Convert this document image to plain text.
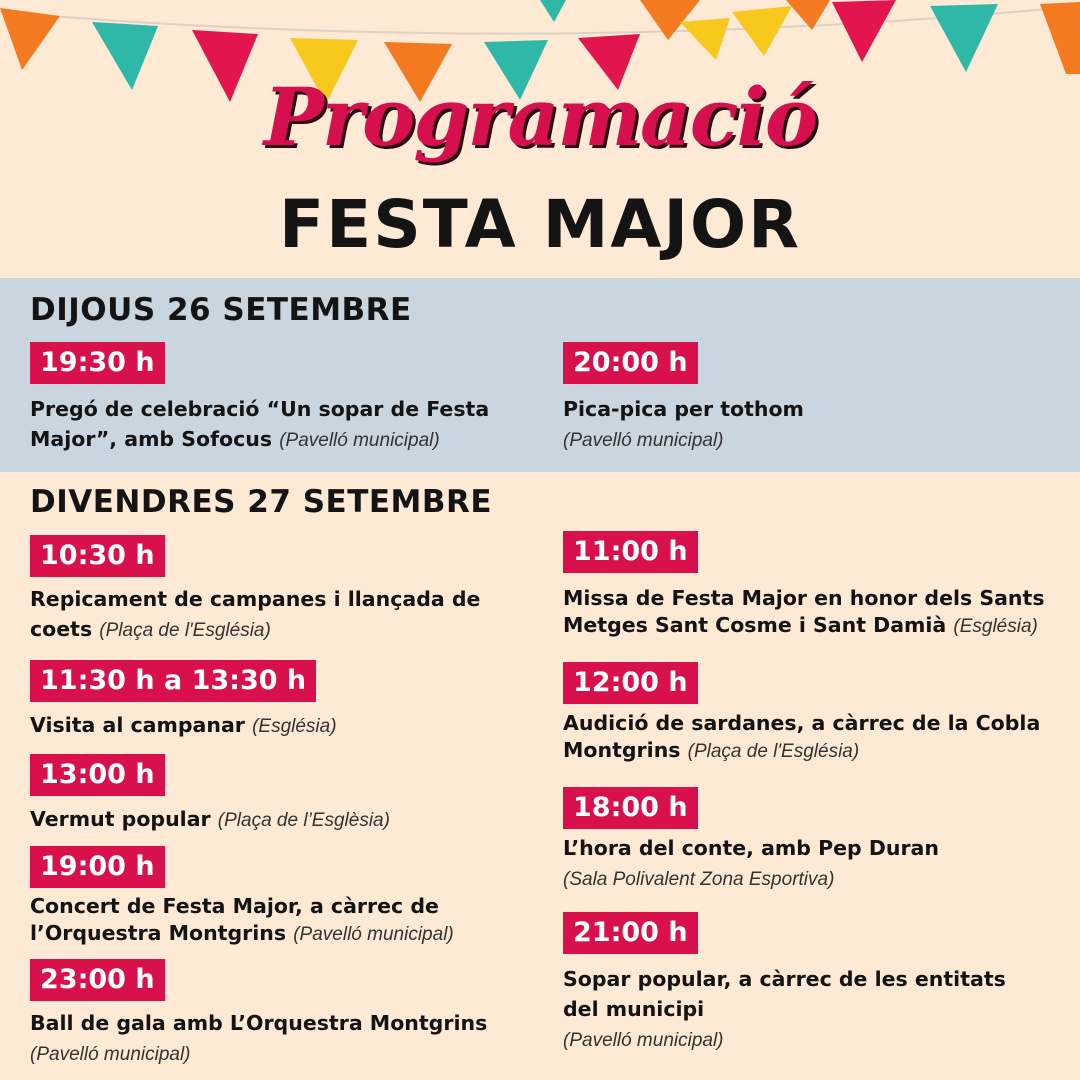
Programació
FESTA MAJOR
DIJOUS 26 SETEMBRE
19:30 h
Pregó de celebració “Un sopar de Festa Major”, amb Sofocus (Pavelló municipal)
20:00 h
Pica-pica per tothom
(Pavelló municipal)
DIVENDRES 27 SETEMBRE
10:30 h
Repicament de campanes i llançada de coets (Plaça de l'Església)
11:30 h a 13:30 h
Visita al campanar (Església)
13:00 h
Vermut popular (Plaça de l’Esglèsia)
19:00 h
Concert de Festa Major, a càrrec de l’Orquestra Montgrins (Pavelló municipal)
23:00 h
Ball de gala amb L’Orquestra Montgrins
(Pavelló municipal)
11:00 h
Missa de Festa Major en honor dels Sants Metges Sant Cosme i Sant Damià (Església)
12:00 h
Audició de sardanes, a càrrec de la Cobla Montgrins (Plaça de l'Església)
18:00 h
L’hora del conte, amb Pep Duran
(Sala Polivalent Zona Esportiva)
21:00 h
Sopar popular, a càrrec de les entitats del municipi
(Pavelló municipal)
